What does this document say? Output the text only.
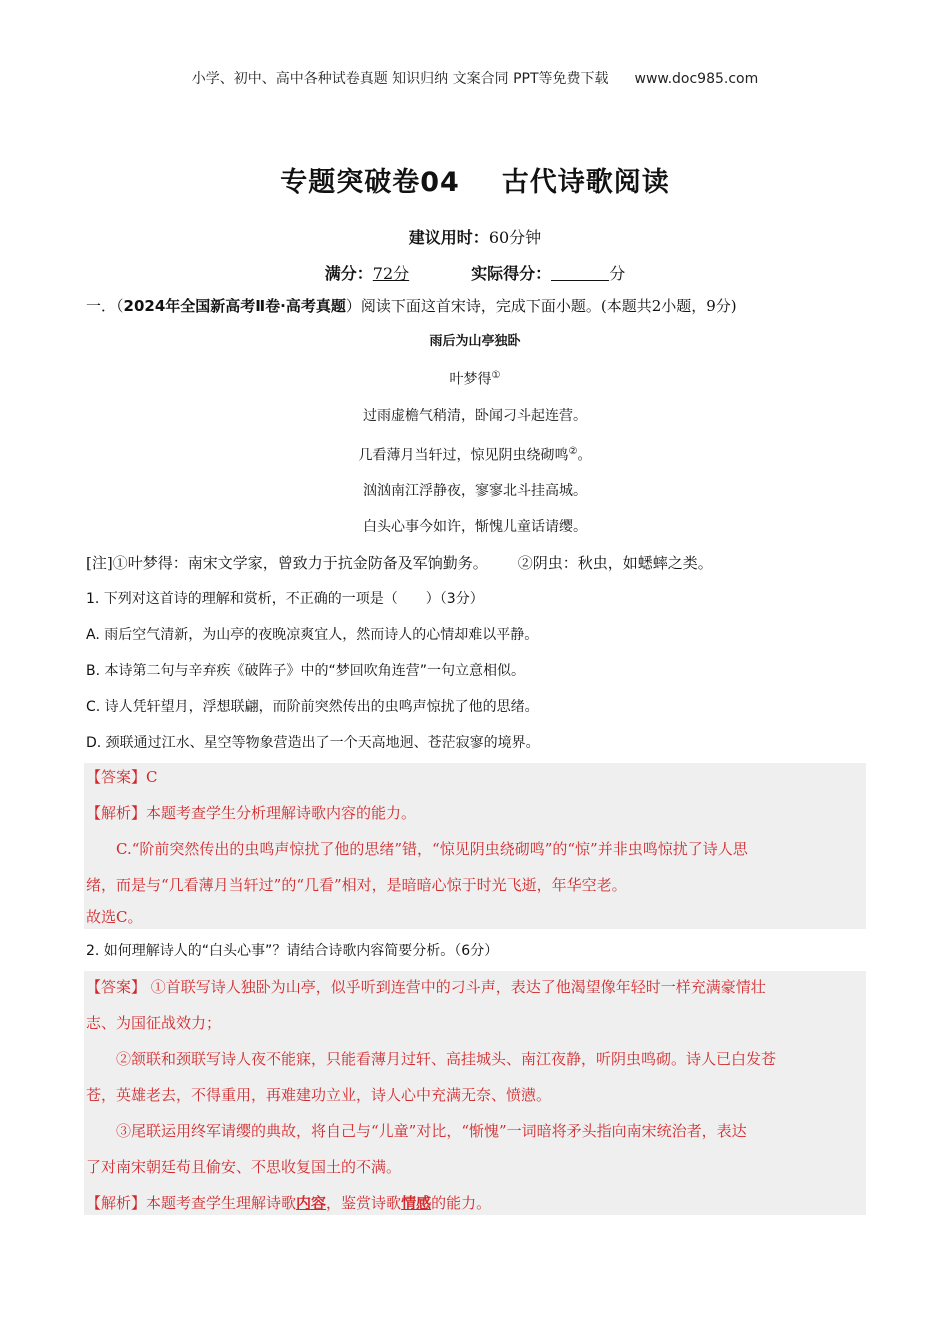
小学、初中、高中各种试卷真题 知识归纳 文案合同 PPT等免费下载 www.doc985.com
专题突破卷04 古代诗歌阅读
建议用时：60分钟
满分：72分	实际得分：	分

一．（2024年全国新高考Ⅱ卷·高考真题）阅读下面这首宋诗，完成下面小题。(本题共2小题，9分)

雨后为山亭独卧

叶梦得①

过雨虚檐气稍清，卧闻刁斗起连营。

几看薄月当轩过，惊见阴虫绕砌鸣②。

汹汹南江浮静夜，寥寥北斗挂高城。

白头心事今如许，惭愧儿童话请缨。

[注]①叶梦得：南宋文学家，曾致力于抗金防备及军饷勤务。 ②阴虫：秋虫，如蟋蟀之类。

1. 下列对这首诗的理解和赏析，不正确的一项是（　　）（3分）

A. 雨后空气清新，为山亭的夜晚凉爽宜人，然而诗人的心情却难以平静。

B. 本诗第二句与辛弃疾《破阵子》中的“梦回吹角连营”一句立意相似。

C. 诗人凭轩望月，浮想联翩，而阶前突然传出的虫鸣声惊扰了他的思绪。

D. 颈联通过江水、星空等物象营造出了一个天高地迥、苍茫寂寥的境界。

【答案】C

【解析】本题考查学生分析理解诗歌内容的能力。

C.“阶前突然传出的虫鸣声惊扰了他的思绪”错，“惊见阴虫绕砌鸣”的“惊”并非虫鸣惊扰了诗人思

绪，而是与“几看薄月当轩过”的“几看”相对，是暗暗心惊于时光飞逝，年华空老。

故选C。

2. 如何理解诗人的“白头心事”？请结合诗歌内容简要分析。（6分）

【答案】 ①首联写诗人独卧为山亭，似乎听到连营中的刁斗声，表达了他渴望像年轻时一样充满豪情壮

志、为国征战效力；

②颔联和颈联写诗人夜不能寐，只能看薄月过轩、高挂城头、南江夜静，听阴虫鸣砌。诗人已白发苍

苍，英雄老去，不得重用，再难建功立业，诗人心中充满无奈、愤懑。

③尾联运用终军请缨的典故，将自己与“儿童”对比，“惭愧”一词暗将矛头指向南宋统治者，表达

了对南宋朝廷苟且偷安、不思收复国土的不满。

【解析】本题考查学生理解诗歌内容，鉴赏诗歌情感的能力。
